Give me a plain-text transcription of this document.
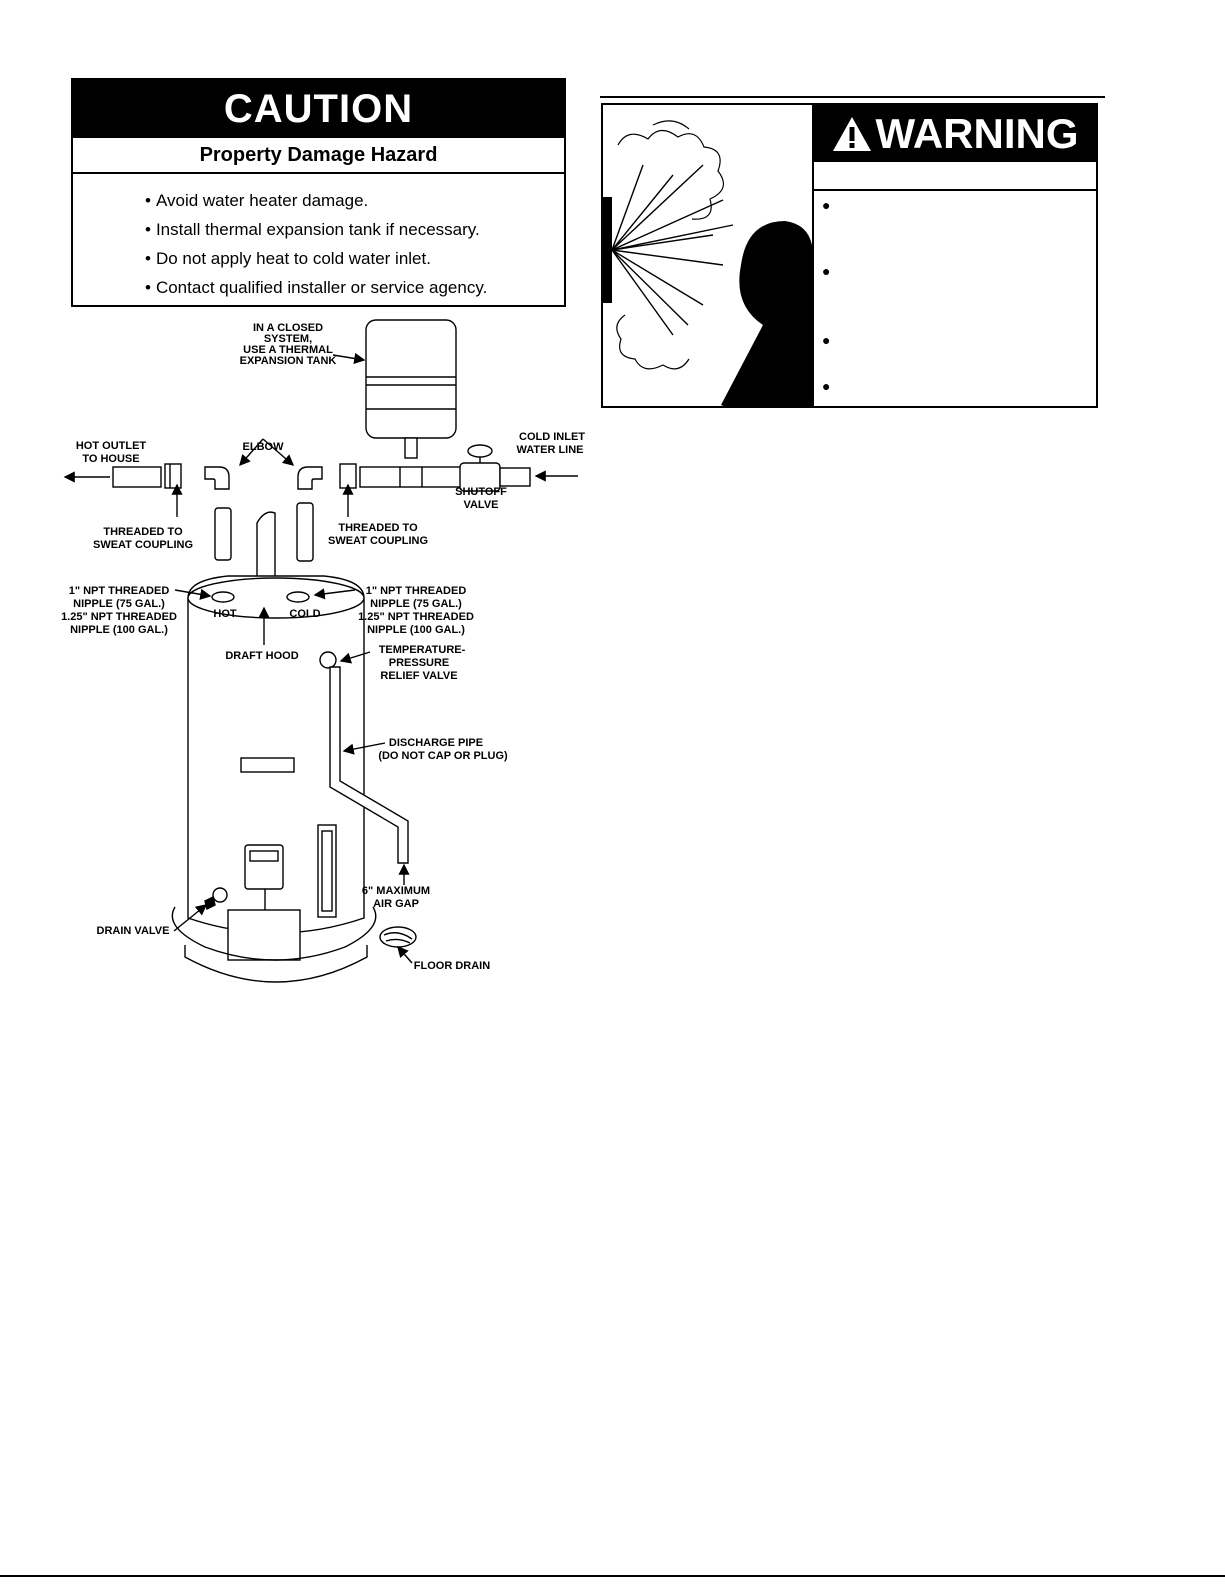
CAUTION
Property Damage Hazard
• Avoid water heater damage.
• Install thermal expansion tank if necessary.
• Do not apply heat to cold water inlet.
• Contact qualified installer or service agency.
IN A CLOSED
SYSTEM,
USE A THERMAL
EXPANSION TANK
HOT OUTLET
TO HOUSE
ELBOW
COLD INLET
WATER LINE
SHUTOFF
VALVE
THREADED TO
SWEAT COUPLING
THREADED TO
SWEAT COUPLING
1" NPT THREADED
NIPPLE (75 GAL.)
1.25" NPT THREADED
NIPPLE (100 GAL.)
1" NPT THREADED
NIPPLE (75 GAL.)
1.25" NPT THREADED
NIPPLE (100 GAL.)
HOT	COLD
DRAFT HOOD	TEMPERATURE-
PRESSURE
RELIEF VALVE
DISCHARGE PIPE
(DO NOT CAP OR PLUG)
6" MAXIMUM
AIR GAP
DRAIN VALVE
FLOOR DRAIN
WARNING
●
●
●
●
